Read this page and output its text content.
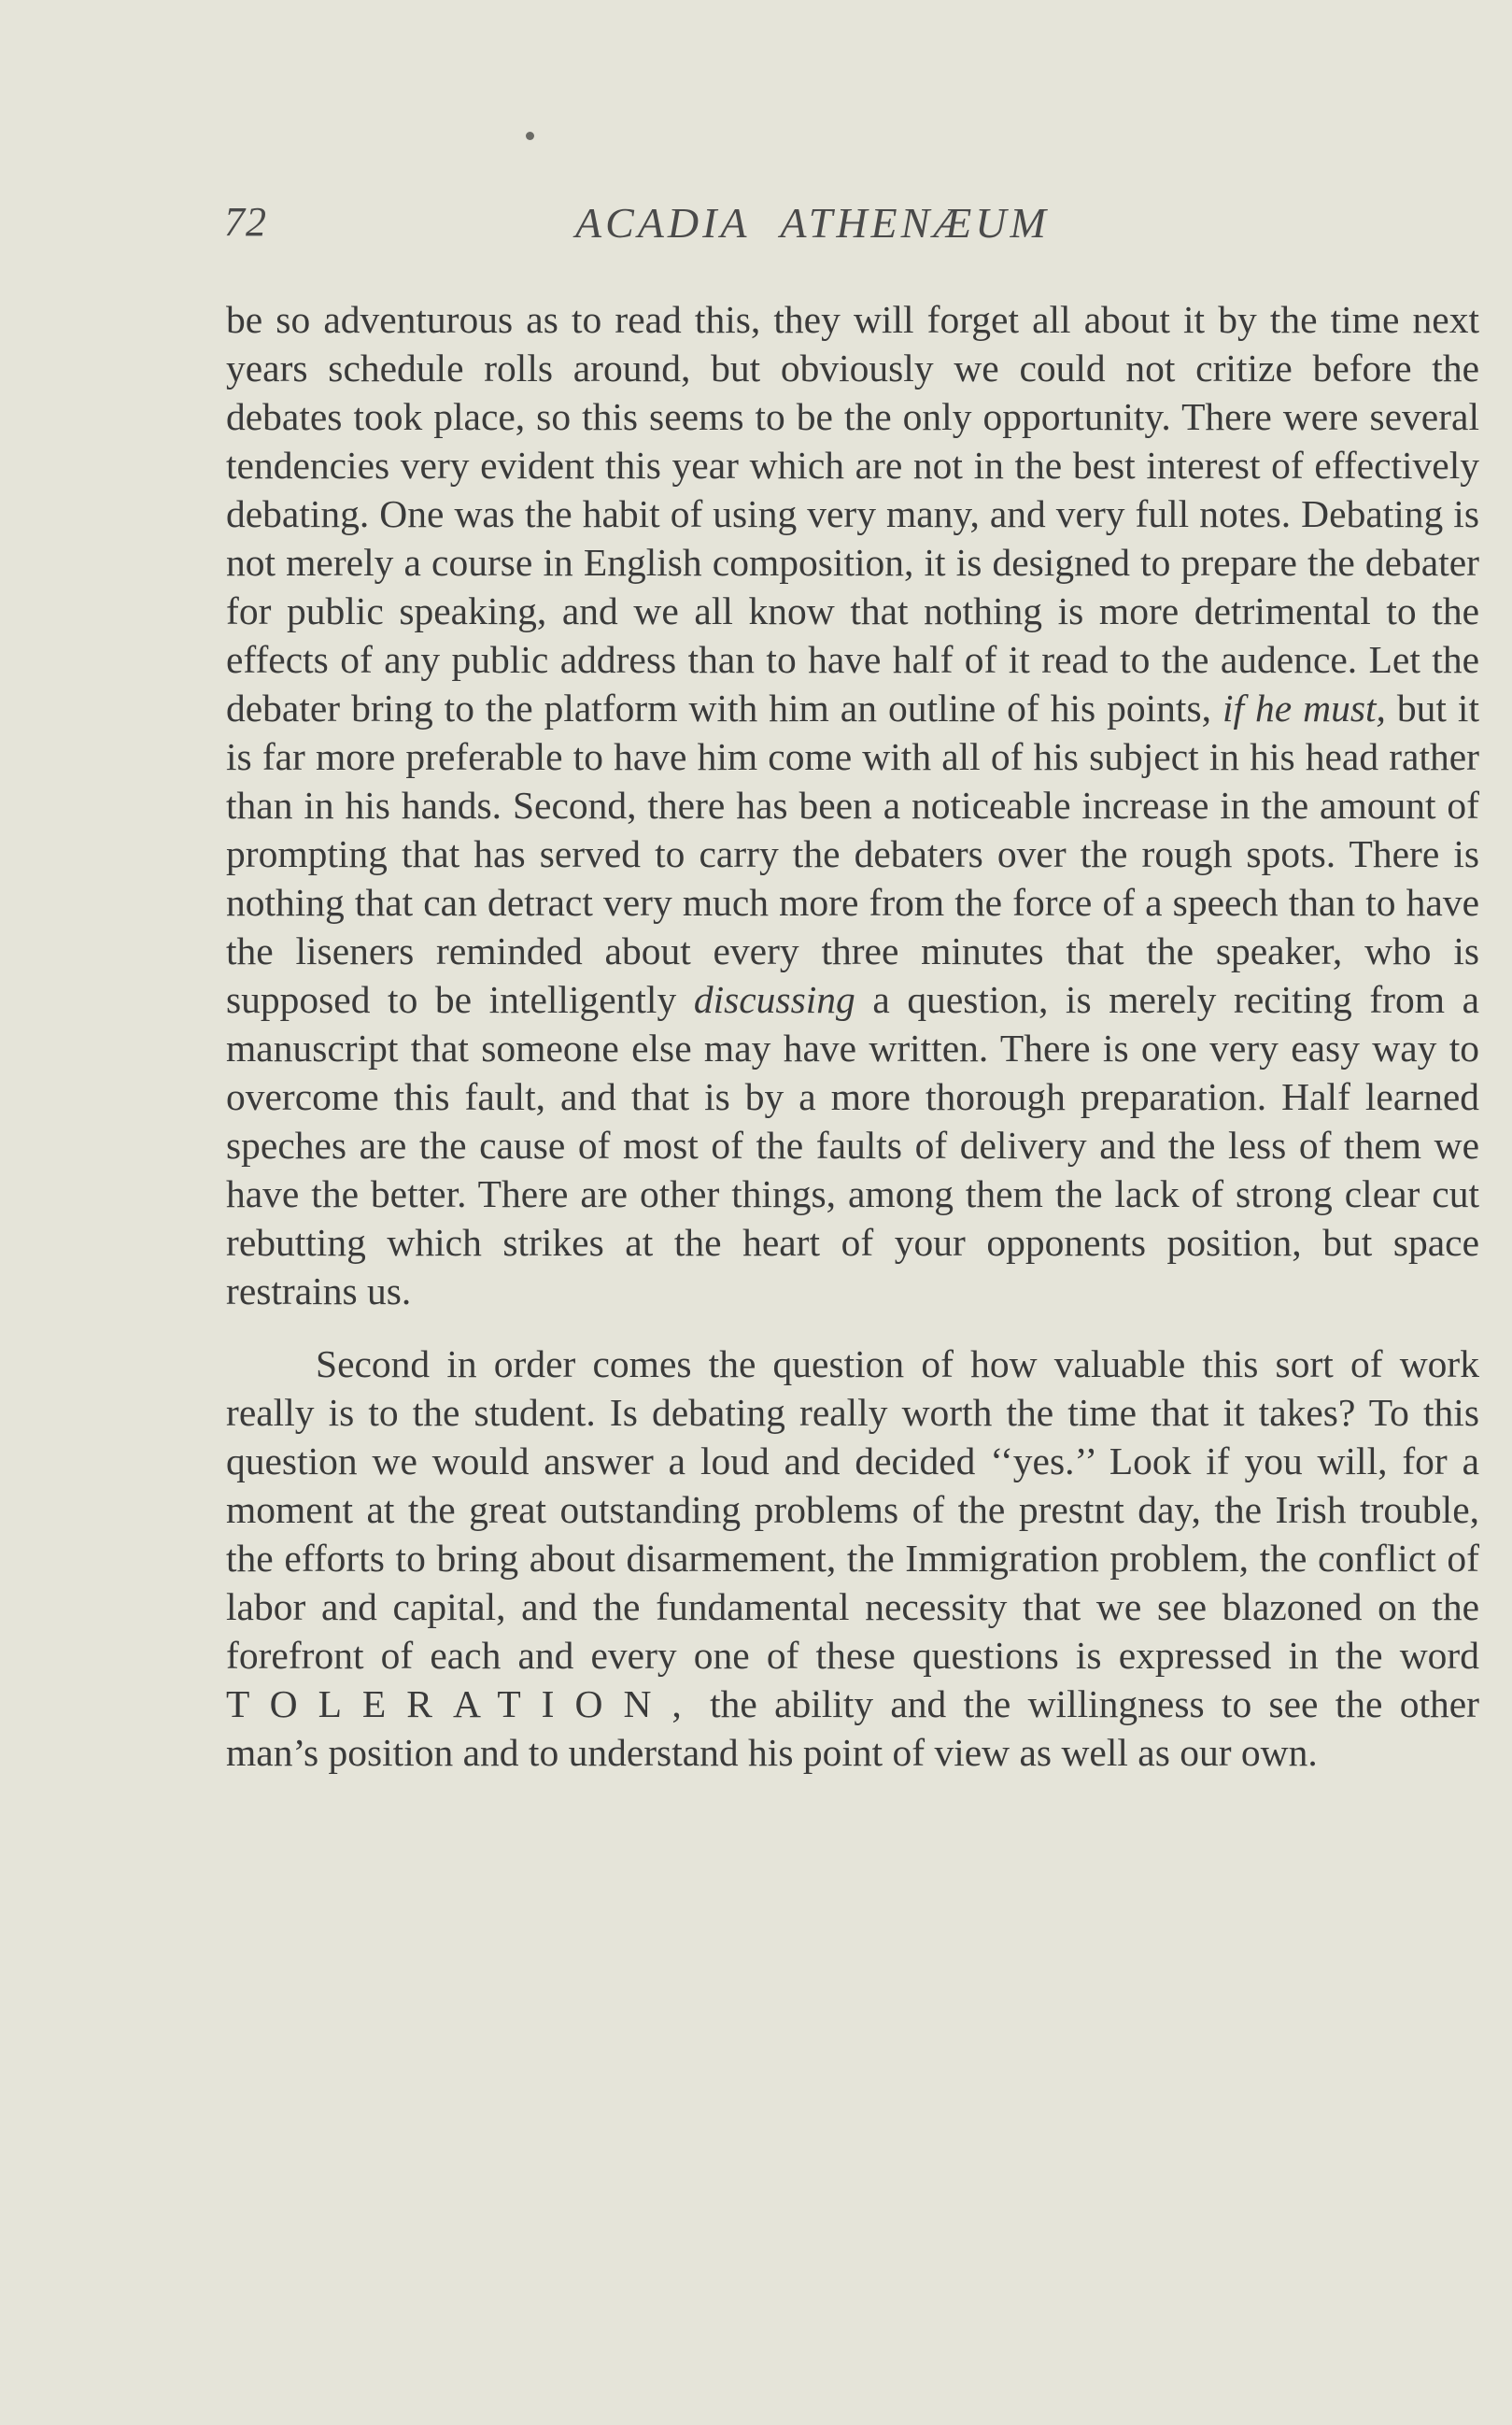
72	ACADIA ATHENÆUM

be so adventurous as to read this, they will forget all about it by the time next years schedule rolls around, but obviously we could not critize before the debates took place, so this seems to be the only opportunity. There were several tendencies very evident this year which are not in the best interest of effectively debating. One was the habit of using very many, and very full notes. Debating is not merely a course in English composition, it is designed to prepare the debater for public speaking, and we all know that nothing is more detrimental to the effects of any public address than to have half of it read to the audence. Let the debater bring to the platform with him an outline of his points, if he must, but it is far more preferable to have him come with all of his subject in his head rather than in his hands. Second, there has been a noticeable increase in the amount of prompting that has served to carry the debaters over the rough spots. There is nothing that can detract very much more from the force of a speech than to have the liseners reminded about every three minutes that the speaker, who is supposed to be intelligently discussing a question, is merely reciting from a manuscript that someone else may have written. There is one very easy way to overcome this fault, and that is by a more thorough preparation. Half learned speches are the cause of most of the faults of delivery and the less of them we have the better. There are other things, among them the lack of strong clear cut rebutting which strikes at the heart of your opponents position, but space restrains us.

Second in order comes the question of how valuable this sort of work really is to the student. Is debating really worth the time that it takes? To this question we would answer a loud and decided ‘‘yes.’’ Look if you will, for a moment at the great outstanding problems of the prestnt day, the Irish trouble, the efforts to bring about disarmement, the Immigration problem, the conflict of labor and capital, and the fundamental necessity that we see blazoned on the forefront of each and every one of these questions is expressed in the word TOLERATION, the ability and the willingness to see the other man’s position and to understand his point of view as well as our own.
